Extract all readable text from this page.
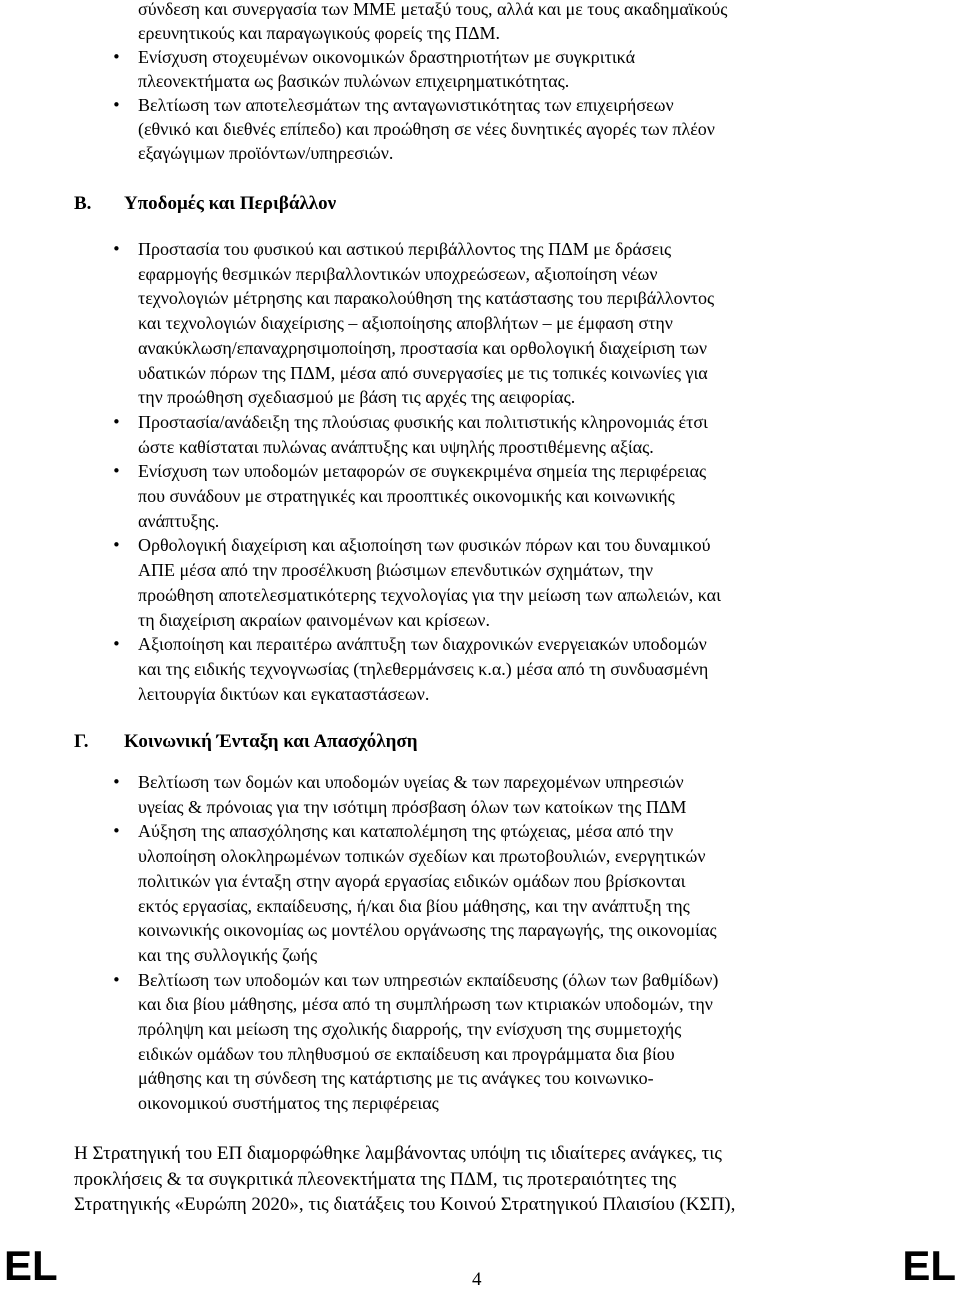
σύνδεση και συνεργασία των ΜΜΕ μεταξύ τους, αλλά και με τους ακαδημαϊκούς
ερευνητικούς και παραγωγικούς φορείς της ΠΔΜ.
• Ενίσχυση στοχευμένων οικονομικών δραστηριοτήτων με συγκριτικά
πλεονεκτήματα ως βασικών πυλώνων επιχειρηματικότητας.
• Βελτίωση των αποτελεσμάτων της ανταγωνιστικότητας των επιχειρήσεων
(εθνικό και διεθνές επίπεδο) και προώθηση σε νέες δυνητικές αγορές των πλέον
εξαγώγιμων προϊόντων/υπηρεσιών.
Β. Υποδομές και Περιβάλλον
• Προστασία του φυσικού και αστικού περιβάλλοντος της ΠΔΜ με δράσεις
εφαρμογής θεσμικών περιβαλλοντικών υποχρεώσεων, αξιοποίηση νέων
τεχνολογιών μέτρησης και παρακολούθηση της κατάστασης του περιβάλλοντος
και τεχνολογιών διαχείρισης – αξιοποίησης αποβλήτων – με έμφαση στην
ανακύκλωση/επαναχρησιμοποίηση, προστασία και ορθολογική διαχείριση των
υδατικών πόρων της ΠΔΜ, μέσα από συνεργασίες με τις τοπικές κοινωνίες για
την προώθηση σχεδιασμού με βάση τις αρχές της αειφορίας.
• Προστασία/ανάδειξη της πλούσιας φυσικής και πολιτιστικής κληρονομιάς έτσι
ώστε καθίσταται πυλώνας ανάπτυξης και υψηλής προστιθέμενης αξίας.
• Ενίσχυση των υποδομών μεταφορών σε συγκεκριμένα σημεία της περιφέρειας
που συνάδουν με στρατηγικές και προοπτικές οικονομικής και κοινωνικής
ανάπτυξης.
• Ορθολογική διαχείριση και αξιοποίηση των φυσικών πόρων και του δυναμικού
ΑΠΕ μέσα από την προσέλκυση βιώσιμων επενδυτικών σχημάτων, την
προώθηση αποτελεσματικότερης τεχνολογίας για την μείωση των απωλειών, και
τη διαχείριση ακραίων φαινομένων και κρίσεων.
• Αξιοποίηση και περαιτέρω ανάπτυξη των διαχρονικών ενεργειακών υποδομών
και της ειδικής τεχνογνωσίας (τηλεθερμάνσεις κ.α.) μέσα από τη συνδυασμένη
λειτουργία δικτύων και εγκαταστάσεων.
Γ. Κοινωνική Ένταξη και Απασχόληση
• Βελτίωση των δομών και υποδομών υγείας & των παρεχομένων υπηρεσιών
υγείας & πρόνοιας για την ισότιμη πρόσβαση όλων των κατοίκων της ΠΔΜ
• Αύξηση της απασχόλησης και καταπολέμηση της φτώχειας, μέσα από την
υλοποίηση ολοκληρωμένων τοπικών σχεδίων και πρωτοβουλιών, ενεργητικών
πολιτικών για ένταξη στην αγορά εργασίας ειδικών ομάδων που βρίσκονται
εκτός εργασίας, εκπαίδευσης, ή/και δια βίου μάθησης, και την ανάπτυξη της
κοινωνικής οικονομίας ως μοντέλου οργάνωσης της παραγωγής, της οικονομίας
και της συλλογικής ζωής
• Βελτίωση των υποδομών και των υπηρεσιών εκπαίδευσης (όλων των βαθμίδων)
και δια βίου μάθησης, μέσα από τη συμπλήρωση των κτιριακών υποδομών, την
πρόληψη και μείωση της σχολικής διαρροής, την ενίσχυση της συμμετοχής
ειδικών ομάδων του πληθυσμού σε εκπαίδευση και προγράμματα δια βίου
μάθησης και τη σύνδεση της κατάρτισης με τις ανάγκες του κοινωνικο-
οικονομικού συστήματος της περιφέρειας
Η Στρατηγική του ΕΠ διαμορφώθηκε λαμβάνοντας υπόψη τις ιδιαίτερες ανάγκες, τις
προκλήσεις & τα συγκριτικά πλεονεκτήματα της ΠΔΜ, τις προτεραιότητες της
Στρατηγικής «Ευρώπη 2020», τις διατάξεις του Κοινού Στρατηγικού Πλαισίου (ΚΣΠ),
EL	4	EL
